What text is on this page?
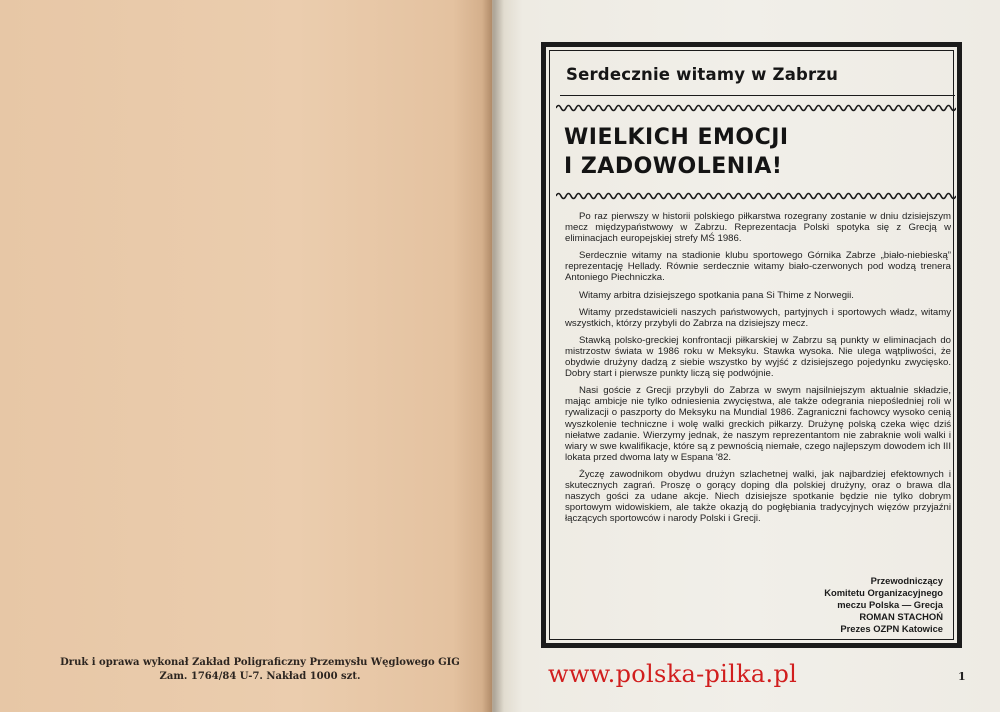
Druk i oprawa wykonał Zakład Poligraficzny Przemysłu Węglowego GIG
Zam. 1764/84 U-7. Nakład 1000 szt.
Serdecznie witamy w Zabrzu
WIELKICH EMOCJI
I ZADOWOLENIA!

Po raz pierwszy w historii polskiego piłkarstwa rozegrany zostanie w dniu dzisiejszym mecz międzypaństwowy w Zabrzu. Reprezentacja Polski spotyka się z Grecją w eliminacjach europejskiej strefy MŚ 1986.

Serdecznie witamy na stadionie klubu sportowego Górnika Zabrze „biało-niebieską” reprezentację Hellady. Równie serdecznie witamy biało-czerwonych pod wodzą trenera Antoniego Piechniczka.

Witamy arbitra dzisiejszego spotkania pana Si Thime z Norwegii.

Witamy przedstawicieli naszych państwowych, partyjnych i sportowych władz, witamy wszystkich, którzy przybyli do Zabrza na dzisiejszy mecz.

Stawką polsko-greckiej konfrontacji piłkarskiej w Zabrzu są punkty w eliminacjach do mistrzostw świata w 1986 roku w Meksyku. Stawka wysoka. Nie ulega wątpliwości, że obydwie drużyny dadzą z siebie wszystko by wyjść z dzisiejszego pojedynku zwycięsko. Dobry start i pierwsze punkty liczą się podwójnie.

Nasi goście z Grecji przybyli do Zabrza w swym najsilniejszym aktualnie składzie, mając ambicje nie tylko odniesienia zwycięstwa, ale także odegrania niepośledniej roli w rywalizacji o paszporty do Meksyku na Mundial 1986. Zagraniczni fachowcy wysoko cenią wyszkolenie techniczne i wolę walki greckich piłkarzy. Drużynę polską czeka więc dziś niełatwe zadanie. Wierzymy jednak, że naszym reprezentantom nie zabraknie woli walki i wiary w swe kwalifikacje, które są z pewnością niemałe, czego najlepszym dowodem ich III lokata przed dwoma laty w Espana '82.

Życzę zawodnikom obydwu drużyn szlachetnej walki, jak najbardziej efektownych i skutecznych zagrań. Proszę o gorący doping dla polskiej drużyny, oraz o brawa dla naszych gości za udane akcje. Niech dzisiejsze spotkanie będzie nie tylko dobrym sportowym widowiskiem, ale także okazją do pogłębiania tradycyjnych więzów przyjaźni łączących sportowców i narody Polski i Grecji.

Przewodniczący
Komitetu Organizacyjnego
meczu Polska — Grecja
ROMAN STACHOŃ
Prezes OZPN Katowice
www.polska-pilka.pl	1
